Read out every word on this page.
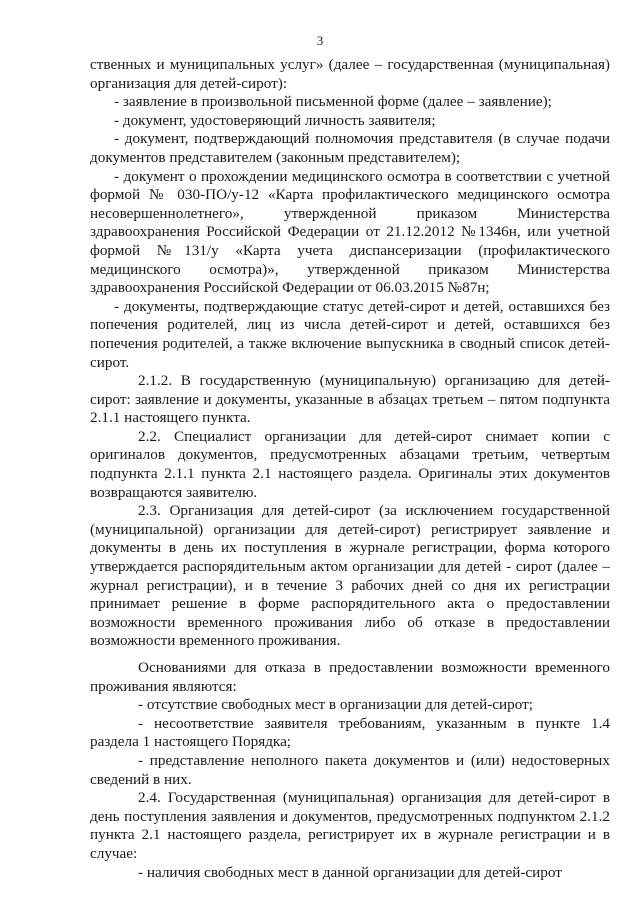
3

ственных и муниципальных услуг» (далее – государственная (муниципальная) организация для детей-сирот):

- заявление в произвольной письменной форме (далее – заявление);

- документ, удостоверяющий личность заявителя;

- документ, подтверждающий полномочия представителя (в случае подачи документов представителем (законным представителем);

- документ о прохождении медицинского осмотра в соответствии с учетной формой № 030-ПО/у-12 «Карта профилактического медицинского осмотра несовершеннолетнего», утвержденной приказом Министерства здравоохранения Российской Федерации от 21.12.2012 №1346н, или учетной формой №131/у «Карта учета диспансеризации (профилактического медицинского осмотра)», утвержденной приказом Министерства здравоохранения Российской Федерации от 06.03.2015 №87н;

- документы, подтверждающие статус детей-сирот и детей, оставшихся без попечения родителей, лиц из числа детей-сирот и детей, оставшихся без попечения родителей, а также включение выпускника в сводный список детей-сирот.

2.1.2. В государственную (муниципальную) организацию для детей-сирот: заявление и документы, указанные в абзацах третьем – пятом подпункта 2.1.1 настоящего пункта.

2.2. Специалист организации для детей-сирот снимает копии с оригиналов документов, предусмотренных абзацами третьим, четвертым подпункта 2.1.1 пункта 2.1 настоящего раздела. Оригиналы этих документов возвращаются заявителю.

2.3. Организация для детей-сирот (за исключением государственной (муниципальной) организации для детей-сирот) регистрирует заявление и документы в день их поступления в журнале регистрации, форма которого утверждается распорядительным актом организации для детей - сирот (далее – журнал регистрации), и в течение 3 рабочих дней со дня их регистрации принимает решение в форме распорядительного акта о предоставлении возможности временного проживания либо об отказе в предоставлении возможности временного проживания.

Основаниями для отказа в предоставлении возможности временного проживания являются:

- отсутствие свободных мест в организации для детей-сирот;

- несоответствие заявителя требованиям, указанным в пункте 1.4 раздела 1 настоящего Порядка;

- представление неполного пакета документов и (или) недостоверных сведений в них.

2.4. Государственная (муниципальная) организация для детей-сирот в день поступления заявления и документов, предусмотренных подпунктом 2.1.2 пункта 2.1 настоящего раздела, регистрирует их в журнале регистрации и в случае:

- наличия свободных мест в данной организации для детей-сирот
